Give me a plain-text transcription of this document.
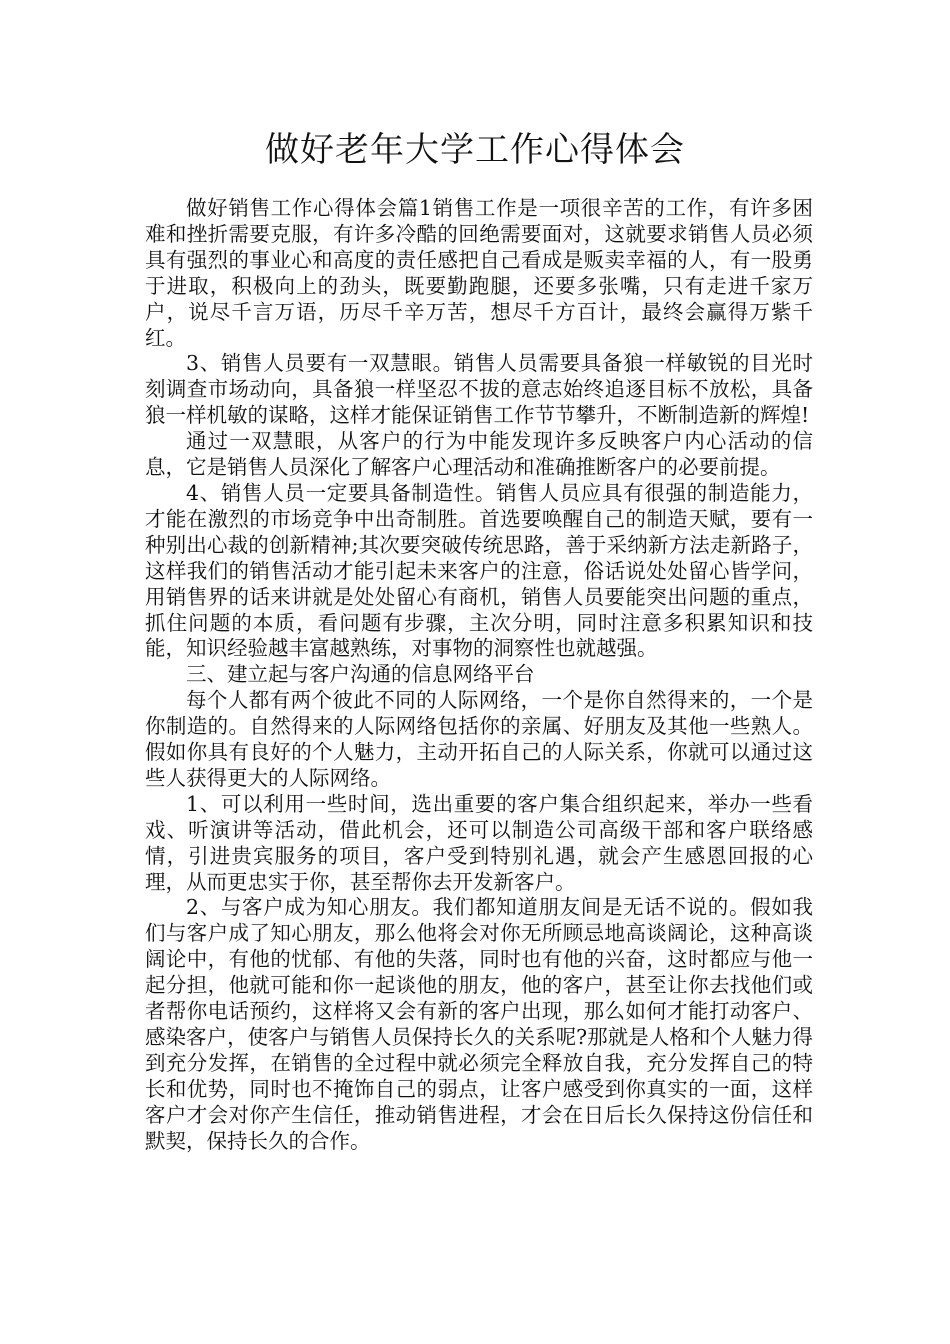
做好老年大学工作心得体会

做好销售工作心得体会篇1销售工作是一项很辛苦的工作，有许多困难和挫折需要克服，有许多冷酷的回绝需要面对，这就要求销售人员必须具有强烈的事业心和高度的责任感把自己看成是贩卖幸福的人，有一股勇于进取，积极向上的劲头，既要勤跑腿，还要多张嘴，只有走进千家万户，说尽千言万语，历尽千辛万苦，想尽千方百计，最终会赢得万紫千红。

3、销售人员要有一双慧眼。销售人员需要具备狼一样敏锐的目光时刻调查市场动向，具备狼一样坚忍不拔的意志始终追逐目标不放松，具备狼一样机敏的谋略，这样才能保证销售工作节节攀升，不断制造新的辉煌!

通过一双慧眼，从客户的行为中能发现许多反映客户内心活动的信息，它是销售人员深化了解客户心理活动和准确推断客户的必要前提。

4、销售人员一定要具备制造性。销售人员应具有很强的制造能力，才能在激烈的市场竞争中出奇制胜。首选要唤醒自己的制造天赋，要有一种别出心裁的创新精神;其次要突破传统思路，善于采纳新方法走新路子，这样我们的销售活动才能引起未来客户的注意，俗话说处处留心皆学问，用销售界的话来讲就是处处留心有商机，销售人员要能突出问题的重点，抓住问题的本质，看问题有步骤，主次分明，同时注意多积累知识和技能，知识经验越丰富越熟练，对事物的洞察性也就越强。

三、建立起与客户沟通的信息网络平台

每个人都有两个彼此不同的人际网络，一个是你自然得来的，一个是你制造的。自然得来的人际网络包括你的亲属、好朋友及其他一些熟人。假如你具有良好的个人魅力，主动开拓自己的人际关系，你就可以通过这些人获得更大的人际网络。

1、可以利用一些时间，选出重要的客户集合组织起来，举办一些看戏、听演讲等活动，借此机会，还可以制造公司高级干部和客户联络感情，引进贵宾服务的项目，客户受到特别礼遇，就会产生感恩回报的心理，从而更忠实于你，甚至帮你去开发新客户。

2、与客户成为知心朋友。我们都知道朋友间是无话不说的。假如我们与客户成了知心朋友，那么他将会对你无所顾忌地高谈阔论，这种高谈阔论中，有他的忧郁、有他的失落，同时也有他的兴奋，这时都应与他一起分担，他就可能和你一起谈他的朋友，他的客户，甚至让你去找他们或者帮你电话预约，这样将又会有新的客户出现，那么如何才能打动客户、感染客户，使客户与销售人员保持长久的关系呢?那就是人格和个人魅力得到充分发挥，在销售的全过程中就必须完全释放自我，充分发挥自己的特长和优势，同时也不掩饰自己的弱点，让客户感受到你真实的一面，这样客户才会对你产生信任，推动销售进程，才会在日后长久保持这份信任和默契，保持长久的合作。
